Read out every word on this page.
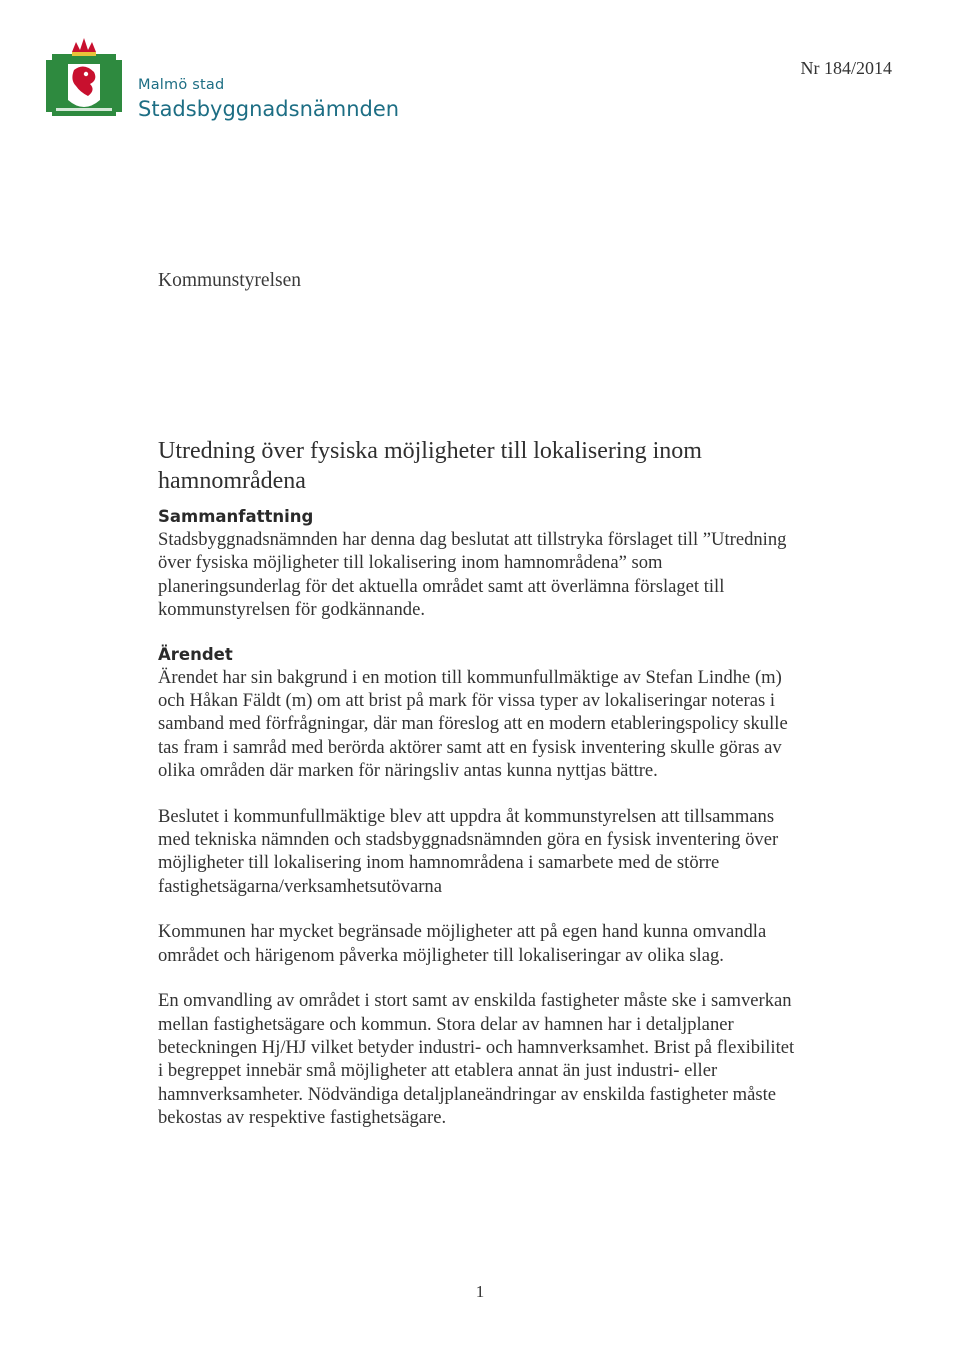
Malmö stad
Stadsbyggnadsnämnden
Nr 184/2014
Kommunstyrelsen
Utredning över fysiska möjligheter till lokalisering inom hamnområdena
Sammanfattning

Stadsbyggnadsnämnden har denna dag beslutat att tillstryka förslaget till ”Utredning över fysiska möjligheter till lokalisering inom hamnområdena” som planeringsunderlag för det aktuella området samt att överlämna förslaget till kommunstyrelsen för godkännande.

Ärendet

Ärendet har sin bakgrund i en motion till kommunfullmäktige av Stefan Lindhe (m) och Håkan Fäldt (m) om att brist på mark för vissa typer av lokaliseringar noteras i samband med förfrågningar, där man föreslog att en modern etableringspolicy skulle tas fram i samråd med berörda aktörer samt att en fysisk inventering skulle göras av olika områden där marken för näringsliv antas kunna nyttjas bättre.

Beslutet i kommunfullmäktige blev att uppdra åt kommunstyrelsen att tillsammans med tekniska nämnden och stadsbyggnadsnämnden göra en fysisk inventering över möjligheter till lokalisering inom hamnområdena i samarbete med de större fastighetsägarna/verksamhetsutövarna

Kommunen har mycket begränsade möjligheter att på egen hand kunna omvandla området och härigenom påverka möjligheter till lokaliseringar av olika slag.

En omvandling av området i stort samt av enskilda fastigheter måste ske i samverkan mellan fastighetsägare och kommun. Stora delar av hamnen har i detaljplaner beteckningen Hj/HJ vilket betyder industri- och hamnverksamhet. Brist på flexibilitet i begreppet innebär små möjligheter att etablera annat än just industri- eller hamnverksamheter. Nödvändiga detaljplaneändringar av enskilda fastigheter måste bekostas av respektive fastighetsägare.

1
